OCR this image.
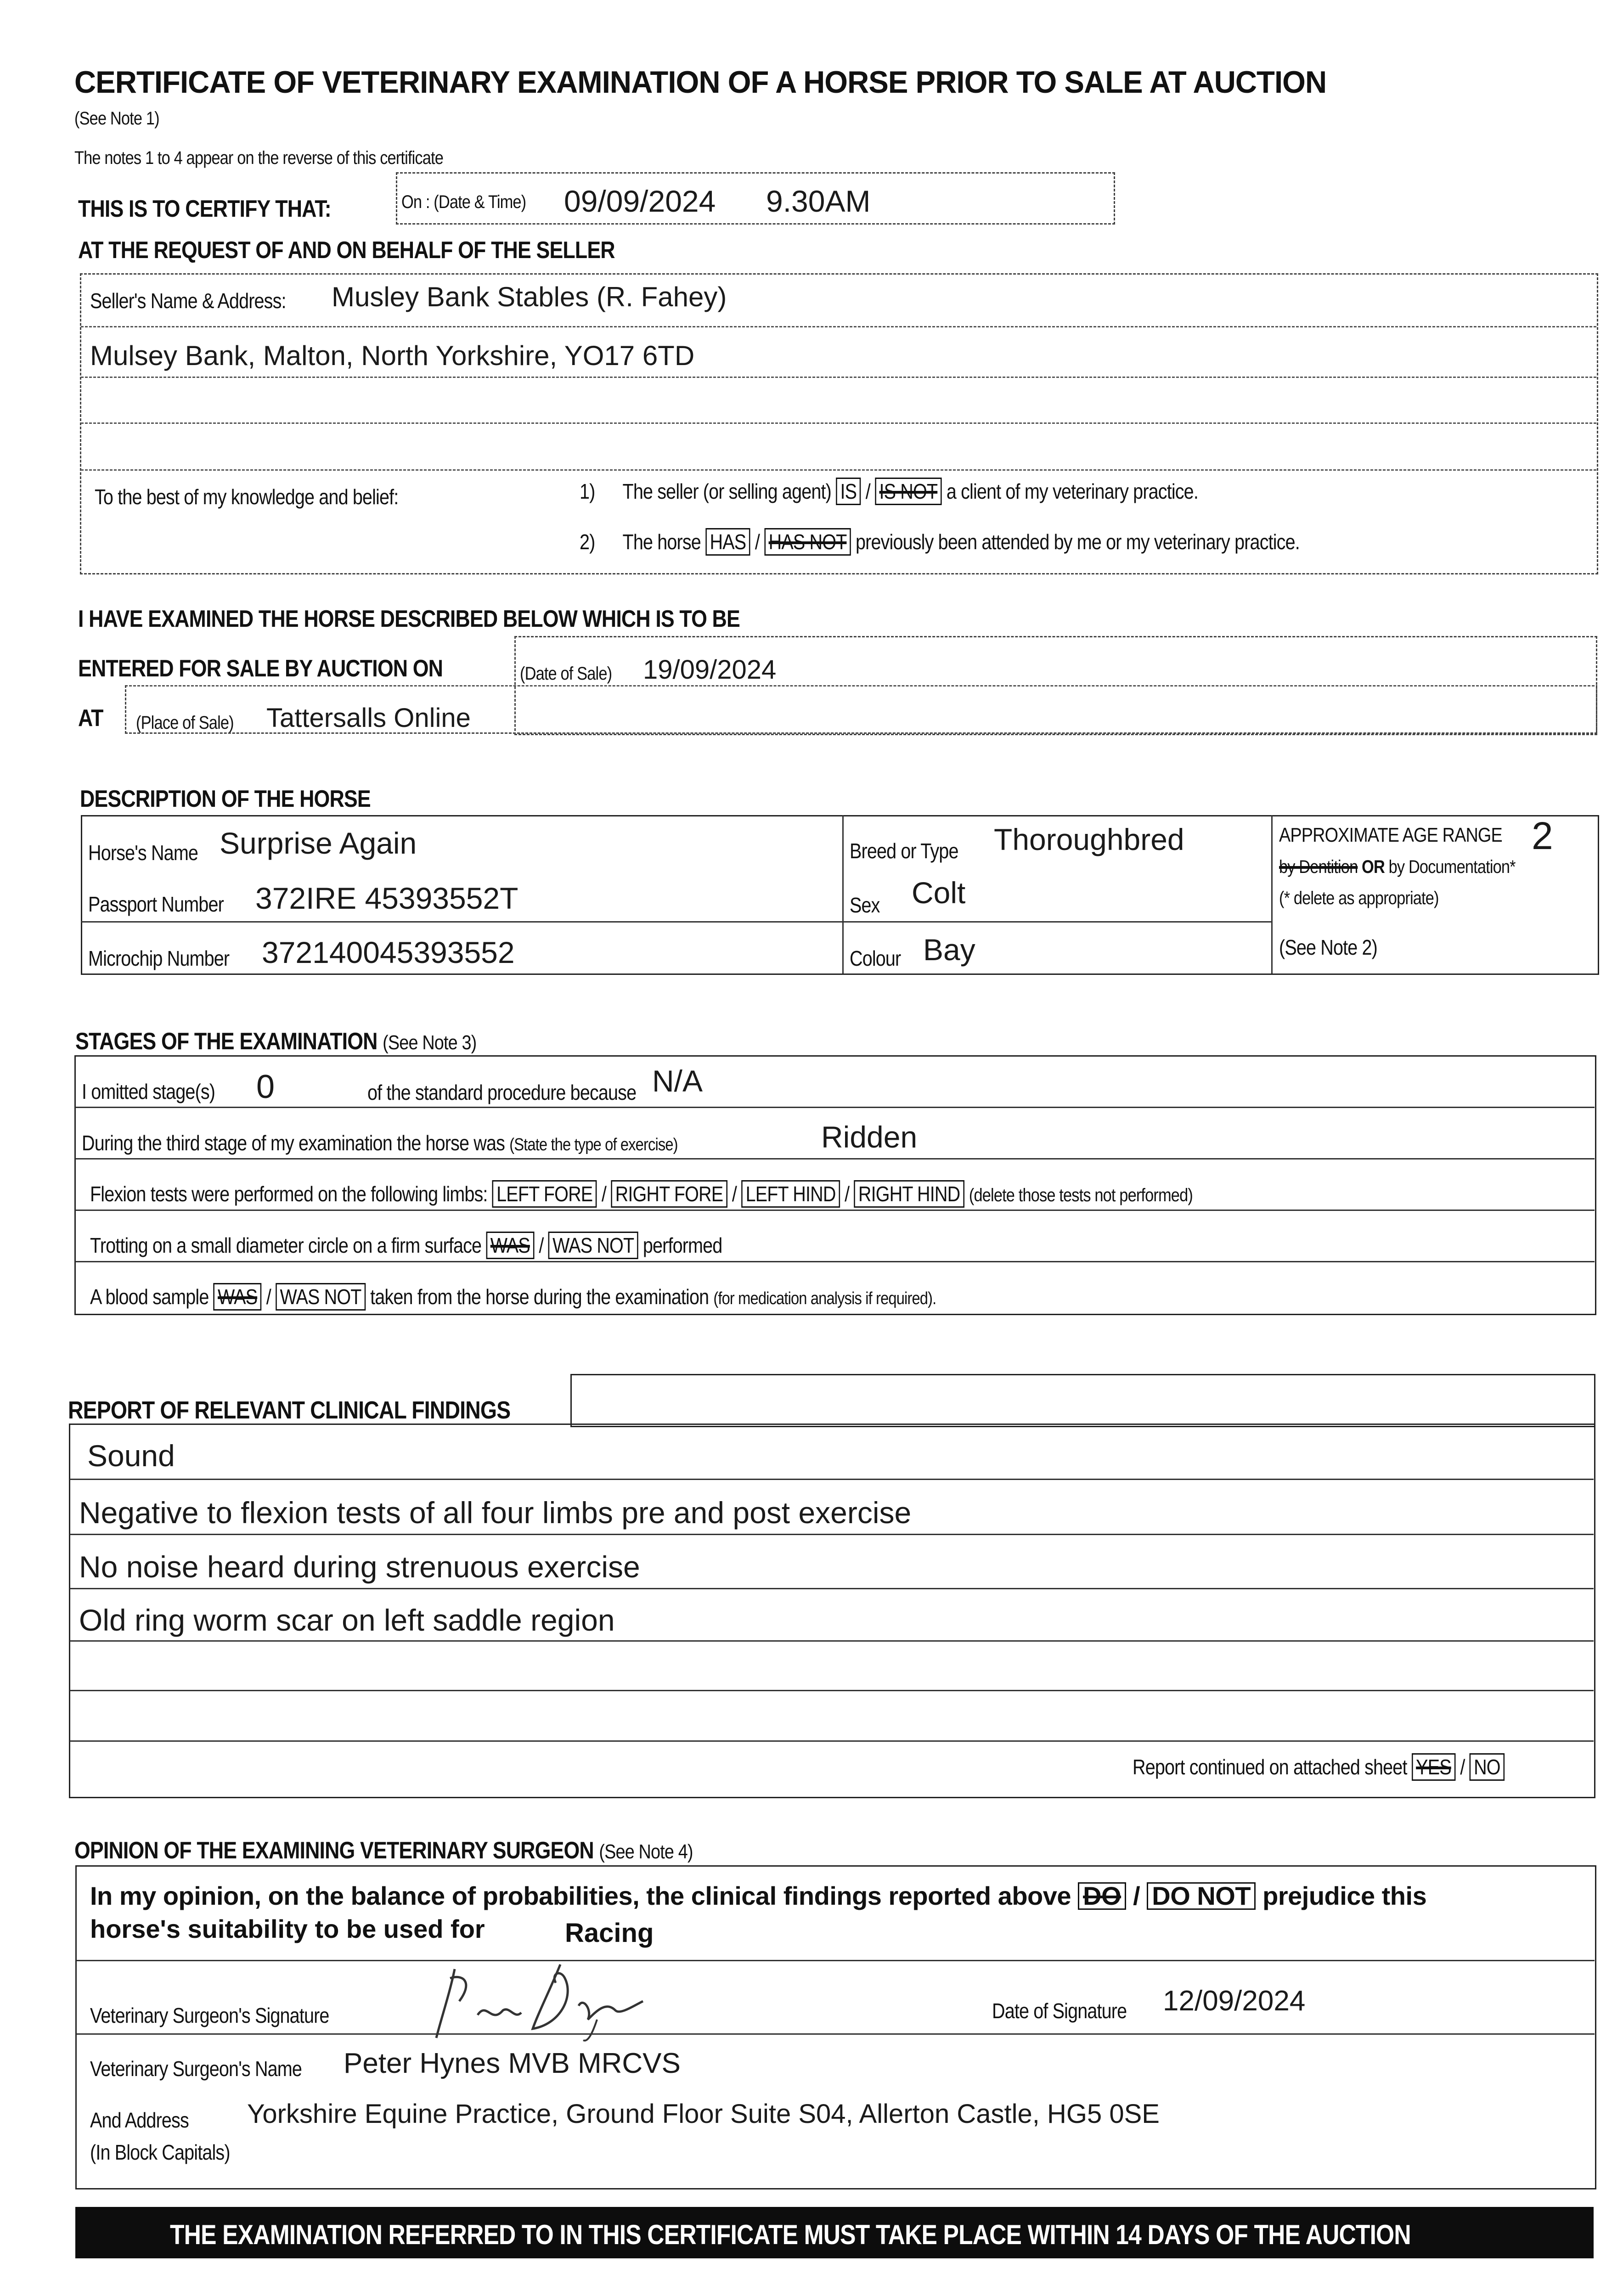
CERTIFICATE OF VETERINARY EXAMINATION OF A HORSE PRIOR TO SALE AT AUCTION
(See Note 1)
The notes 1 to 4 appear on the reverse of this certificate
THIS IS TO CERTIFY THAT:	On : (Date & Time) 09/09/2024 9.30AM
AT THE REQUEST OF AND ON BEHALF OF THE SELLER
Seller's Name & Address: Musley Bank Stables (R. Fahey)
Mulsey Bank, Malton, North Yorkshire, YO17 6TD
To the best of my knowledge and belief:	1) The seller (or selling agent) IS / IS NOT a client of my veterinary practice.
2) The horse HAS / HAS NOT previously been attended by me or my veterinary practice.
I HAVE EXAMINED THE HORSE DESCRIBED BELOW WHICH IS TO BE
ENTERED FOR SALE BY AUCTION ON	(Date of Sale) 19/09/2024
AT (Place of Sale) Tattersalls Online
DESCRIPTION OF THE HORSE
Horse's Name Surprise Again
Passport Number 372IRE 45393552T
Microchip Number 372140045393552
Breed or Type Thoroughbred
Sex Colt
Colour Bay
APPROXIMATE AGE RANGE 2
by Dentition OR by Documentation*
(* delete as appropriate)
(See Note 2)
STAGES OF THE EXAMINATION (See Note 3)
I omitted stage(s) 0	of the standard procedure because N/A
During the third stage of my examination the horse was (State the type of exercise)	Ridden
Flexion tests were performed on the following limbs: LEFT FORE / RIGHT FORE / LEFT HIND / RIGHT HIND (delete those tests not performed)
Trotting on a small diameter circle on a firm surface WAS / WAS NOT performed
A blood sample WAS / WAS NOT taken from the horse during the examination (for medication analysis if required).
REPORT OF RELEVANT CLINICAL FINDINGS
Sound
Negative to flexion tests of all four limbs pre and post exercise
No noise heard during strenuous exercise
Old ring worm scar on left saddle region
Report continued on attached sheet YES / NO
OPINION OF THE EXAMINING VETERINARY SURGEON (See Note 4)
In my opinion, on the balance of probabilities, the clinical findings reported above DO / DO NOT prejudice this
horse's suitability to be used for	Racing
Veterinary Surgeon's Signature	Date of Signature 12/09/2024
Veterinary Surgeon's Name Peter Hynes MVB MRCVS
And Address
(In Block Capitals)
Yorkshire Equine Practice, Ground Floor Suite S04, Allerton Castle, HG5 0SE
THE EXAMINATION REFERRED TO IN THIS CERTIFICATE MUST TAKE PLACE WITHIN 14 DAYS OF THE AUCTION
